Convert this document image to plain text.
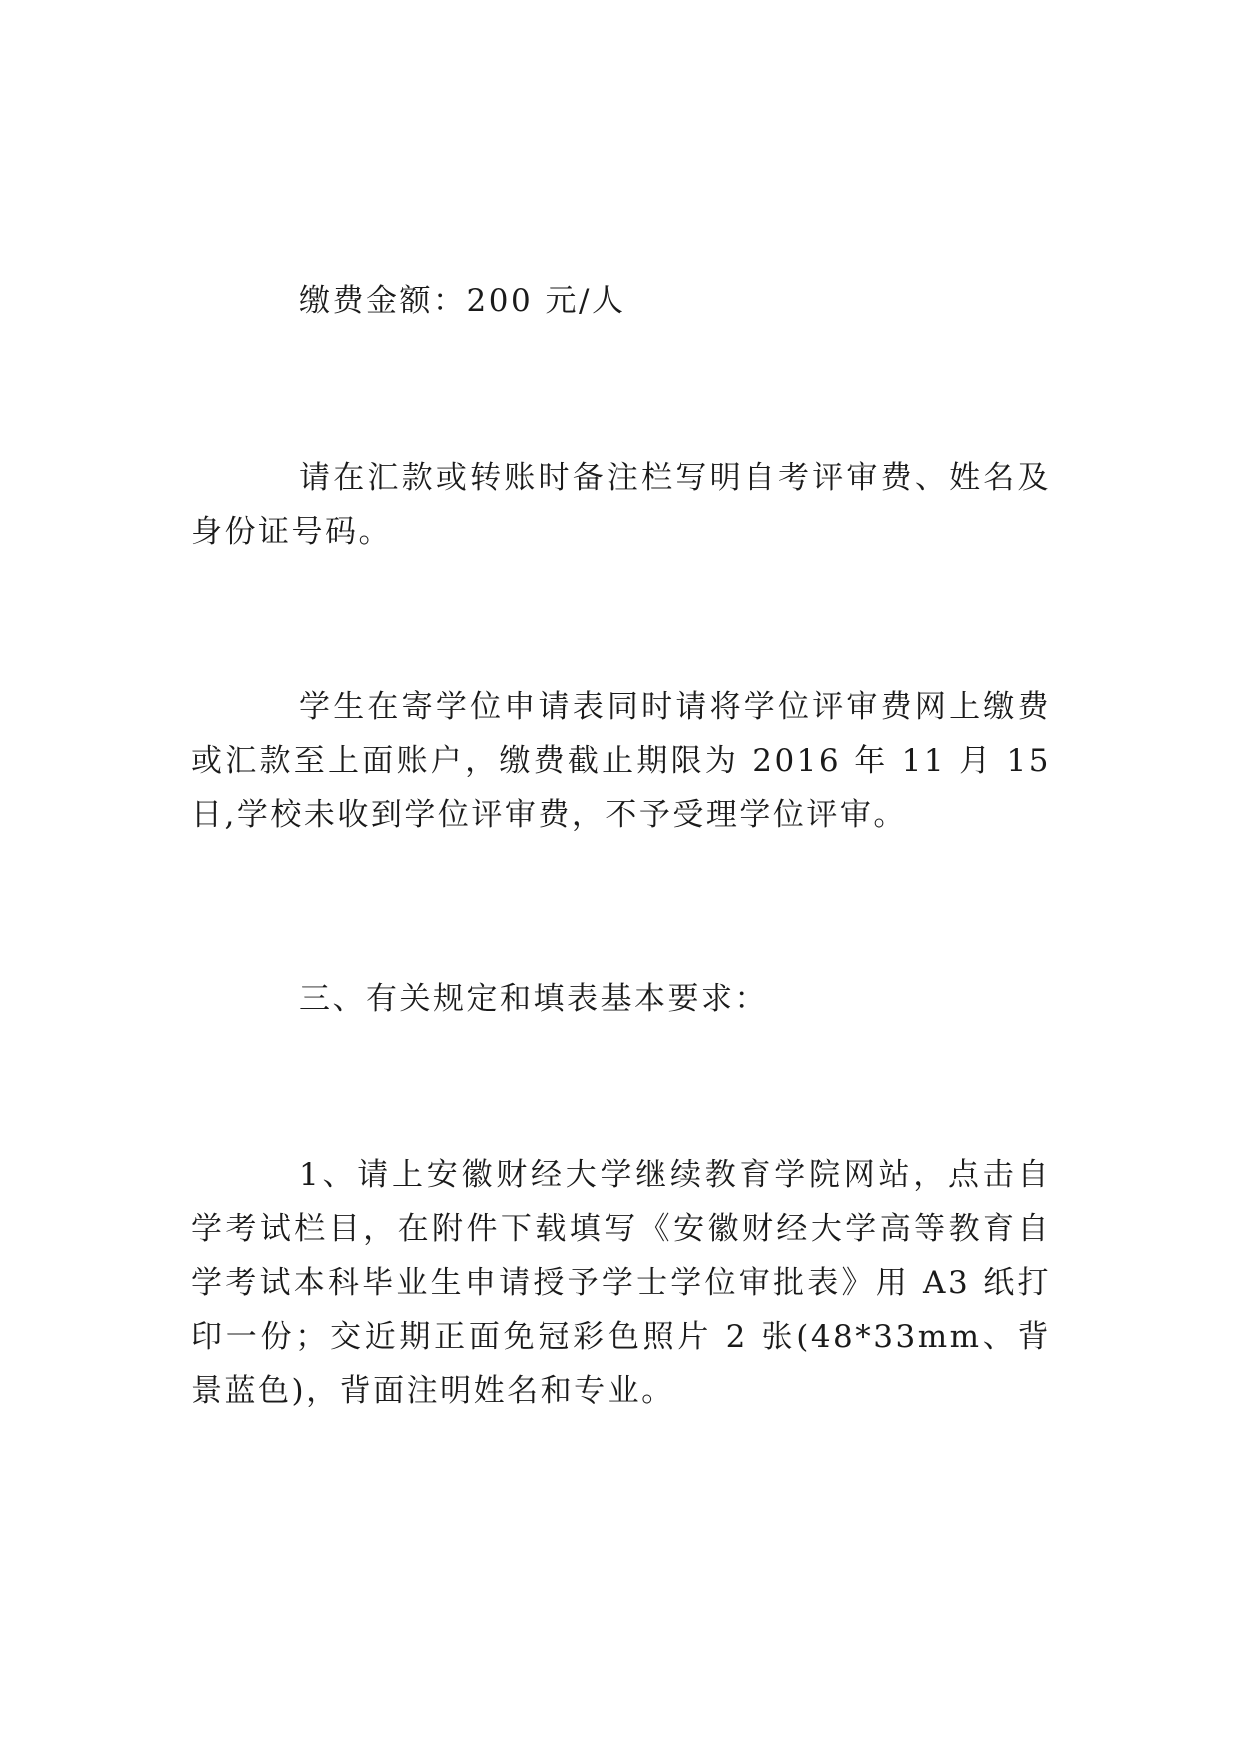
缴费金额：200 元/人

请在汇款或转账时备注栏写明自考评审费、姓名及身份证号码。

学生在寄学位申请表同时请将学位评审费网上缴费或汇款至上面账户，缴费截止期限为 2016 年 11 月 15 日,学校未收到学位评审费，不予受理学位评审。

三、有关规定和填表基本要求：

1、请上安徽财经大学继续教育学院网站，点击自学考试栏目，在附件下载填写《安徽财经大学高等教育自学考试本科毕业生申请授予学士学位审批表》用 A3 纸打印一份；交近期正面免冠彩色照片 2 张(48*33mm、背景蓝色)，背面注明姓名和专业。
